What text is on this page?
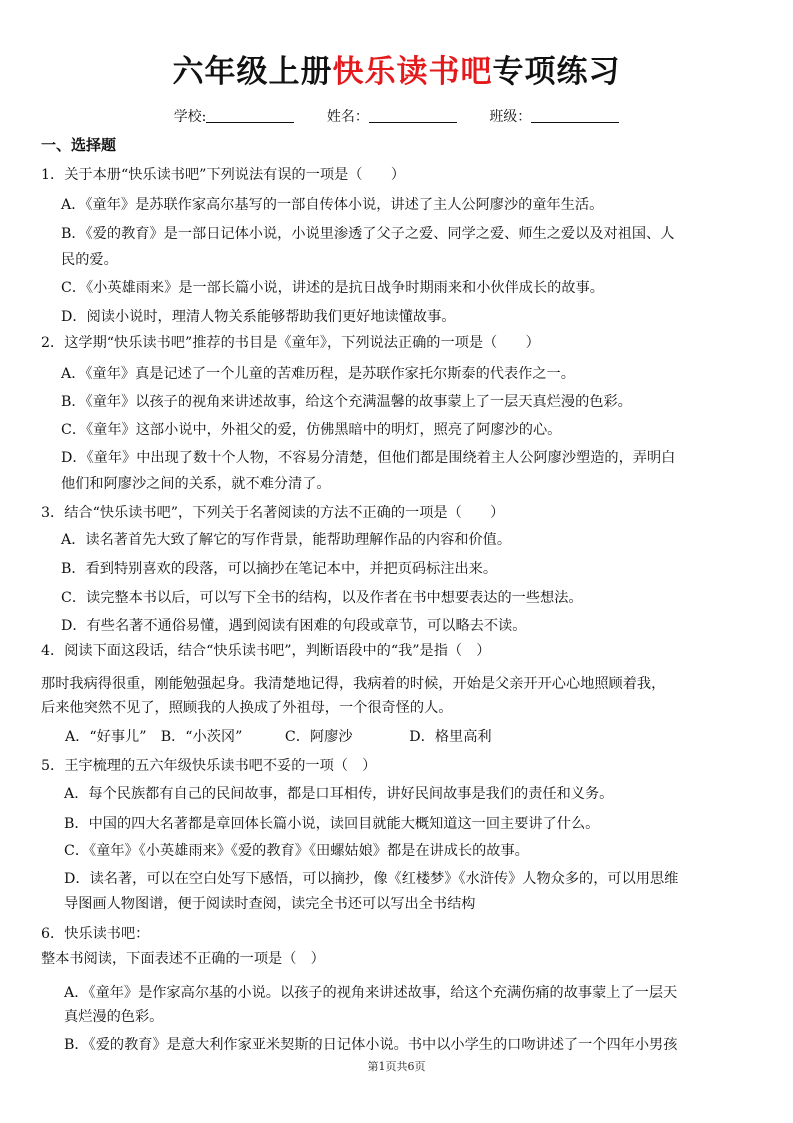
六年级上册快乐读书吧专项练习
学校:	姓名：	班级：
一、选择题
1．关于本册“快乐读书吧”下列说法有误的一项是（　　）
A．《童年》是苏联作家高尔基写的一部自传体小说，讲述了主人公阿廖沙的童年生活。
B．《爱的教育》是一部日记体小说，小说里渗透了父子之爱、同学之爱、师生之爱以及对祖国、人
民的爱。
C．《小英雄雨来》是一部长篇小说，讲述的是抗日战争时期雨来和小伙伴成长的故事。
D．阅读小说时，理清人物关系能够帮助我们更好地读懂故事。
2．这学期“快乐读书吧”推荐的书目是《童年》，下列说法正确的一项是（　　）
A．《童年》真是记述了一个儿童的苦难历程，是苏联作家托尔斯泰的代表作之一。
B．《童年》以孩子的视角来讲述故事，给这个充满温馨的故事蒙上了一层天真烂漫的色彩。
C．《童年》这部小说中，外祖父的爱，仿佛黑暗中的明灯，照亮了阿廖沙的心。
D．《童年》中出现了数十个人物，不容易分清楚，但他们都是围绕着主人公阿廖沙塑造的，弄明白
他们和阿廖沙之间的关系，就不难分清了。
3．结合“快乐读书吧”，下列关于名著阅读的方法不正确的一项是（　　）
A．读名著首先大致了解它的写作背景，能帮助理解作品的内容和价值。
B．看到特别喜欢的段落，可以摘抄在笔记本中，并把页码标注出来。
C．读完整本书以后，可以写下全书的结构，以及作者在书中想要表达的一些想法。
D．有些名著不通俗易懂，遇到阅读有困难的句段或章节，可以略去不读。
4．阅读下面这段话，结合“快乐读书吧”，判断语段中的“我”是指（　）
那时我病得很重，刚能勉强起身。我清楚地记得，我病着的时候，开始是父亲开开心心地照顾着我，
后来他突然不见了，照顾我的人换成了外祖母，一个很奇怪的人。
A．“好事儿”　B．“小茨冈”　　　C．阿廖沙　　　　D．格里高利
5．王宇梳理的五六年级快乐读书吧不妥的一项（　）
A．每个民族都有自己的民间故事，都是口耳相传，讲好民间故事是我们的责任和义务。
B．中国的四大名著都是章回体长篇小说，读回目就能大概知道这一回主要讲了什么。
C．《童年》《小英雄雨来》《爱的教育》《田螺姑娘》都是在讲成长的故事。
D．读名著，可以在空白处写下感悟，可以摘抄，像《红楼梦》《水浒传》人物众多的，可以用思维
导图画人物图谱，便于阅读时查阅，读完全书还可以写出全书结构
6．快乐读书吧：
整本书阅读，下面表述不正确的一项是（　）
A．《童年》是作家高尔基的小说。以孩子的视角来讲述故事，给这个充满伤痛的故事蒙上了一层天
真烂漫的色彩。
B．《爱的教育》是意大利作家亚米契斯的日记体小说。书中以小学生的口吻讲述了一个四年小男孩
第1页共6页
